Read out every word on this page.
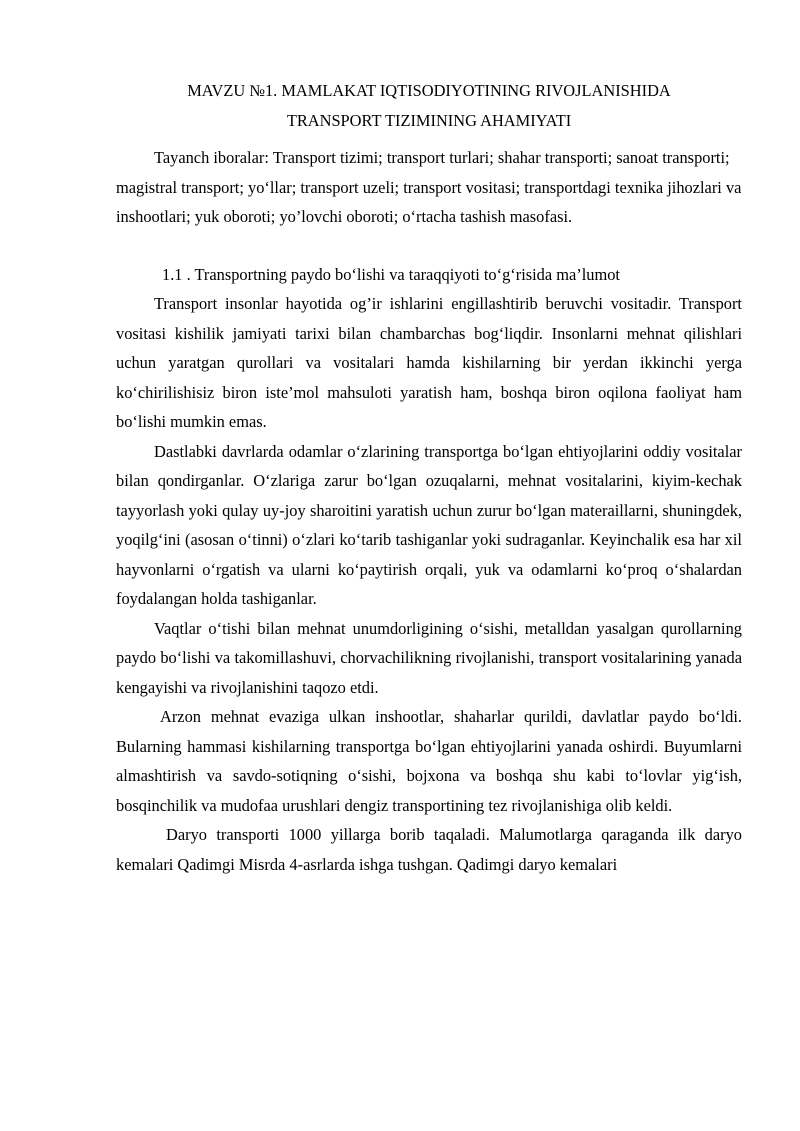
MAVZU №1. MAMLAKAT IQTISODIYOTINING RIVOJLANISHIDA
TRANSPORT TIZIMINING AHAMIYATI

Tayanch iboralar: Transport tizimi; transport turlari; shahar transporti; sanoat transporti; magistral transport; yo‘llar; transport uzeli; transport vositasi; transportdagi texnika jihozlari va inshootlari; yuk oboroti; yo’lovchi oboroti; o‘rtacha tashish masofasi.

1.1 . Transportning paydo bo‘lishi va taraqqiyoti to‘g‘risida ma’lumot

Transport insonlar hayotida og’ir ishlarini engillashtirib beruvchi vositadir. Transport vositasi kishilik jamiyati tarixi bilan chambarchas bog‘liqdir. Insonlarni mehnat qilishlari uchun yaratgan qurollari va vositalari hamda kishilarning bir yerdan ikkinchi yerga ko‘chirilishisiz biron iste’mol mahsuloti yaratish ham, boshqa biron oqilona faoliyat ham bo‘lishi mumkin emas.

Dastlabki davrlarda odamlar o‘zlarining transportga bo‘lgan ehtiyojlarini oddiy vositalar bilan qondirganlar. O‘zlariga zarur bo‘lgan ozuqalarni, mehnat vositalarini, kiyim-kechak tayyorlash yoki qulay uy-joy sharoitini yaratish uchun zurur bo‘lgan materaillarni, shuningdek, yoqilg‘ini (asosan o‘tinni) o‘zlari ko‘tarib tashiganlar yoki sudraganlar. Keyinchalik esa har xil hayvonlarni o‘rgatish va ularni ko‘paytirish orqali, yuk va odamlarni ko‘proq o‘shalardan foydalangan holda tashiganlar.

Vaqtlar o‘tishi bilan mehnat unumdorligining o‘sishi, metalldan yasalgan qurollarning paydo bo‘lishi va takomillashuvi, chorvachilikning rivojlanishi, transport vositalarining yanada kengayishi va rivojlanishini taqozo etdi.

Arzon mehnat evaziga ulkan inshootlar, shaharlar qurildi, davlatlar paydo bo‘ldi. Bularning hammasi kishilarning transportga bo‘lgan ehtiyojlarini yanada oshirdi. Buyumlarni almashtirish va savdo-sotiqning o‘sishi, bojxona va boshqa shu kabi to‘lovlar yig‘ish, bosqinchilik va mudofaa urushlari dengiz transportining tez rivojlanishiga olib keldi.

Daryo transporti 1000 yillarga borib taqaladi. Malumotlarga qaraganda ilk daryo kemalari Qadimgi Misrda 4-asrlarda ishga tushgan. Qadimgi daryo kemalari
